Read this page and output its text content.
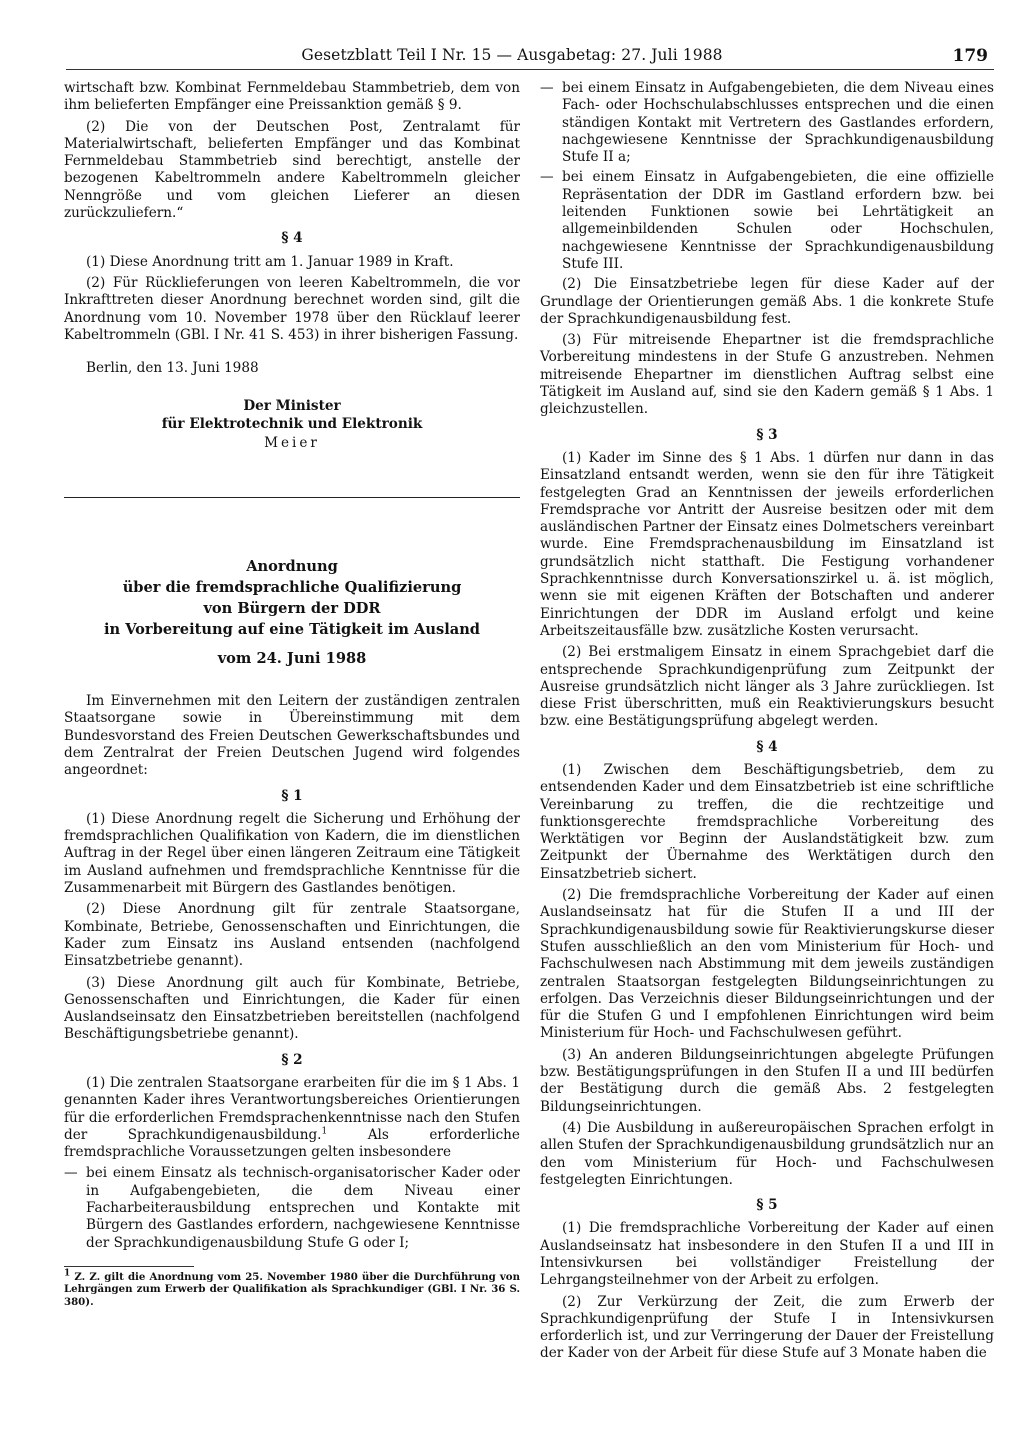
Gesetzblatt Teil I Nr. 15 — Ausgabetag: 27. Juli 1988	179

wirtschaft bzw. Kombinat Fernmeldebau Stammbetrieb, dem von ihm belieferten Empfänger eine Preissanktion gemäß § 9.

(2) Die von der Deutschen Post, Zentralamt für Materialwirtschaft, belieferten Empfänger und das Kombinat Fernmeldebau Stammbetrieb sind berechtigt, anstelle der bezogenen Kabeltrommeln andere Kabeltrommeln gleicher Nenngröße und vom gleichen Lieferer an diesen zurückzuliefern.“

§ 4

(1) Diese Anordnung tritt am 1. Januar 1989 in Kraft.

(2) Für Rücklieferungen von leeren Kabeltrommeln, die vor Inkrafttreten dieser Anordnung berechnet worden sind, gilt die Anordnung vom 10. November 1978 über den Rücklauf leerer Kabeltrommeln (GBl. I Nr. 41 S. 453) in ihrer bisherigen Fassung.

Berlin, den 13. Juni 1988
Der Minister
für Elektrotechnik und Elektronik
Meier
Anordnung
über die fremdsprachliche Qualifizierung
von Bürgern der DDR
in Vorbereitung auf eine Tätigkeit im Ausland
vom 24. Juni 1988

Im Einvernehmen mit den Leitern der zuständigen zentralen Staatsorgane sowie in Übereinstimmung mit dem Bundesvorstand des Freien Deutschen Gewerkschaftsbundes und dem Zentralrat der Freien Deutschen Jugend wird folgendes angeordnet:

§ 1

(1) Diese Anordnung regelt die Sicherung und Erhöhung der fremdsprachlichen Qualifikation von Kadern, die im dienstlichen Auftrag in der Regel über einen längeren Zeitraum eine Tätigkeit im Ausland aufnehmen und fremdsprachliche Kenntnisse für die Zusammenarbeit mit Bürgern des Gastlandes benötigen.

(2) Diese Anordnung gilt für zentrale Staatsorgane, Kombinate, Betriebe, Genossenschaften und Einrichtungen, die Kader zum Einsatz ins Ausland entsenden (nachfolgend Einsatzbetriebe genannt).

(3) Diese Anordnung gilt auch für Kombinate, Betriebe, Genossenschaften und Einrichtungen, die Kader für einen Auslandseinsatz den Einsatzbetrieben bereitstellen (nachfolgend Beschäftigungsbetriebe genannt).

§ 2

(1) Die zentralen Staatsorgane erarbeiten für die im § 1 Abs. 1 genannten Kader ihres Verantwortungsbereiches Orientierungen für die erforderlichen Fremdsprachenkenntnisse nach den Stufen der Sprachkundigenausbildung.$^1$ Als erforderliche fremdsprachliche Voraussetzungen gelten insbesondere

— bei einem Einsatz als technisch-organisatorischer Kader oder in Aufgabengebieten, die dem Niveau einer Facharbeiterausbildung entsprechen und Kontakte mit Bürgern des Gastlandes erfordern, nachgewiesene Kenntnisse der Sprachkundigenausbildung Stufe G oder I;
$^1$ Z. Z. gilt die Anordnung vom 25. November 1980 über die Durchführung von Lehrgängen zum Erwerb der Qualifikation als Sprachkundiger (GBl. I Nr. 36 S. 380).
— bei einem Einsatz in Aufgabengebieten, die dem Niveau eines Fach- oder Hochschulabschlusses entsprechen und die einen ständigen Kontakt mit Vertretern des Gastlandes erfordern, nachgewiesene Kenntnisse der Sprachkundigenausbildung Stufe II a;
— bei einem Einsatz in Aufgabengebieten, die eine offizielle Repräsentation der DDR im Gastland erfordern bzw. bei leitenden Funktionen sowie bei Lehrtätigkeit an allgemeinbildenden Schulen oder Hochschulen, nachgewiesene Kenntnisse der Sprachkundigenausbildung Stufe III.

(2) Die Einsatzbetriebe legen für diese Kader auf der Grundlage der Orientierungen gemäß Abs. 1 die konkrete Stufe der Sprachkundigenausbildung fest.

(3) Für mitreisende Ehepartner ist die fremdsprachliche Vorbereitung mindestens in der Stufe G anzustreben. Nehmen mitreisende Ehepartner im dienstlichen Auftrag selbst eine Tätigkeit im Ausland auf, sind sie den Kadern gemäß § 1 Abs. 1 gleichzustellen.

§ 3

(1) Kader im Sinne des § 1 Abs. 1 dürfen nur dann in das Einsatzland entsandt werden, wenn sie den für ihre Tätigkeit festgelegten Grad an Kenntnissen der jeweils erforderlichen Fremdsprache vor Antritt der Ausreise besitzen oder mit dem ausländischen Partner der Einsatz eines Dolmetschers vereinbart wurde. Eine Fremdsprachenausbildung im Einsatzland ist grundsätzlich nicht statthaft. Die Festigung vorhandener Sprachkenntnisse durch Konversationszirkel u. ä. ist möglich, wenn sie mit eigenen Kräften der Botschaften und anderer Einrichtungen der DDR im Ausland erfolgt und keine Arbeitszeitausfälle bzw. zusätzliche Kosten verursacht.

(2) Bei erstmaligem Einsatz in einem Sprachgebiet darf die entsprechende Sprachkundigenprüfung zum Zeitpunkt der Ausreise grundsätzlich nicht länger als 3 Jahre zurückliegen. Ist diese Frist überschritten, muß ein Reaktivierungskurs besucht bzw. eine Bestätigungsprüfung abgelegt werden.

§ 4

(1) Zwischen dem Beschäftigungsbetrieb, dem zu entsendenden Kader und dem Einsatzbetrieb ist eine schriftliche Vereinbarung zu treffen, die die rechtzeitige und funktionsgerechte fremdsprachliche Vorbereitung des Werktätigen vor Beginn der Auslandstätigkeit bzw. zum Zeitpunkt der Übernahme des Werktätigen durch den Einsatzbetrieb sichert.

(2) Die fremdsprachliche Vorbereitung der Kader auf einen Auslandseinsatz hat für die Stufen II a und III der Sprachkundigenausbildung sowie für Reaktivierungskurse dieser Stufen ausschließlich an den vom Ministerium für Hoch- und Fachschulwesen nach Abstimmung mit dem jeweils zuständigen zentralen Staatsorgan festgelegten Bildungseinrichtungen zu erfolgen. Das Verzeichnis dieser Bildungseinrichtungen und der für die Stufen G und I empfohlenen Einrichtungen wird beim Ministerium für Hoch- und Fachschulwesen geführt.

(3) An anderen Bildungseinrichtungen abgelegte Prüfungen bzw. Bestätigungsprüfungen in den Stufen II a und III bedürfen der Bestätigung durch die gemäß Abs. 2 festgelegten Bildungseinrichtungen.

(4) Die Ausbildung in außereuropäischen Sprachen erfolgt in allen Stufen der Sprachkundigenausbildung grundsätzlich nur an den vom Ministerium für Hoch- und Fachschulwesen festgelegten Einrichtungen.

§ 5

(1) Die fremdsprachliche Vorbereitung der Kader auf einen Auslandseinsatz hat insbesondere in den Stufen II a und III in Intensivkursen bei vollständiger Freistellung der Lehrgangsteilnehmer von der Arbeit zu erfolgen.

(2) Zur Verkürzung der Zeit, die zum Erwerb der Sprachkundigenprüfung der Stufe I in Intensivkursen erforderlich ist, und zur Verringerung der Dauer der Freistellung der Kader von der Arbeit für diese Stufe auf 3 Monate haben die
